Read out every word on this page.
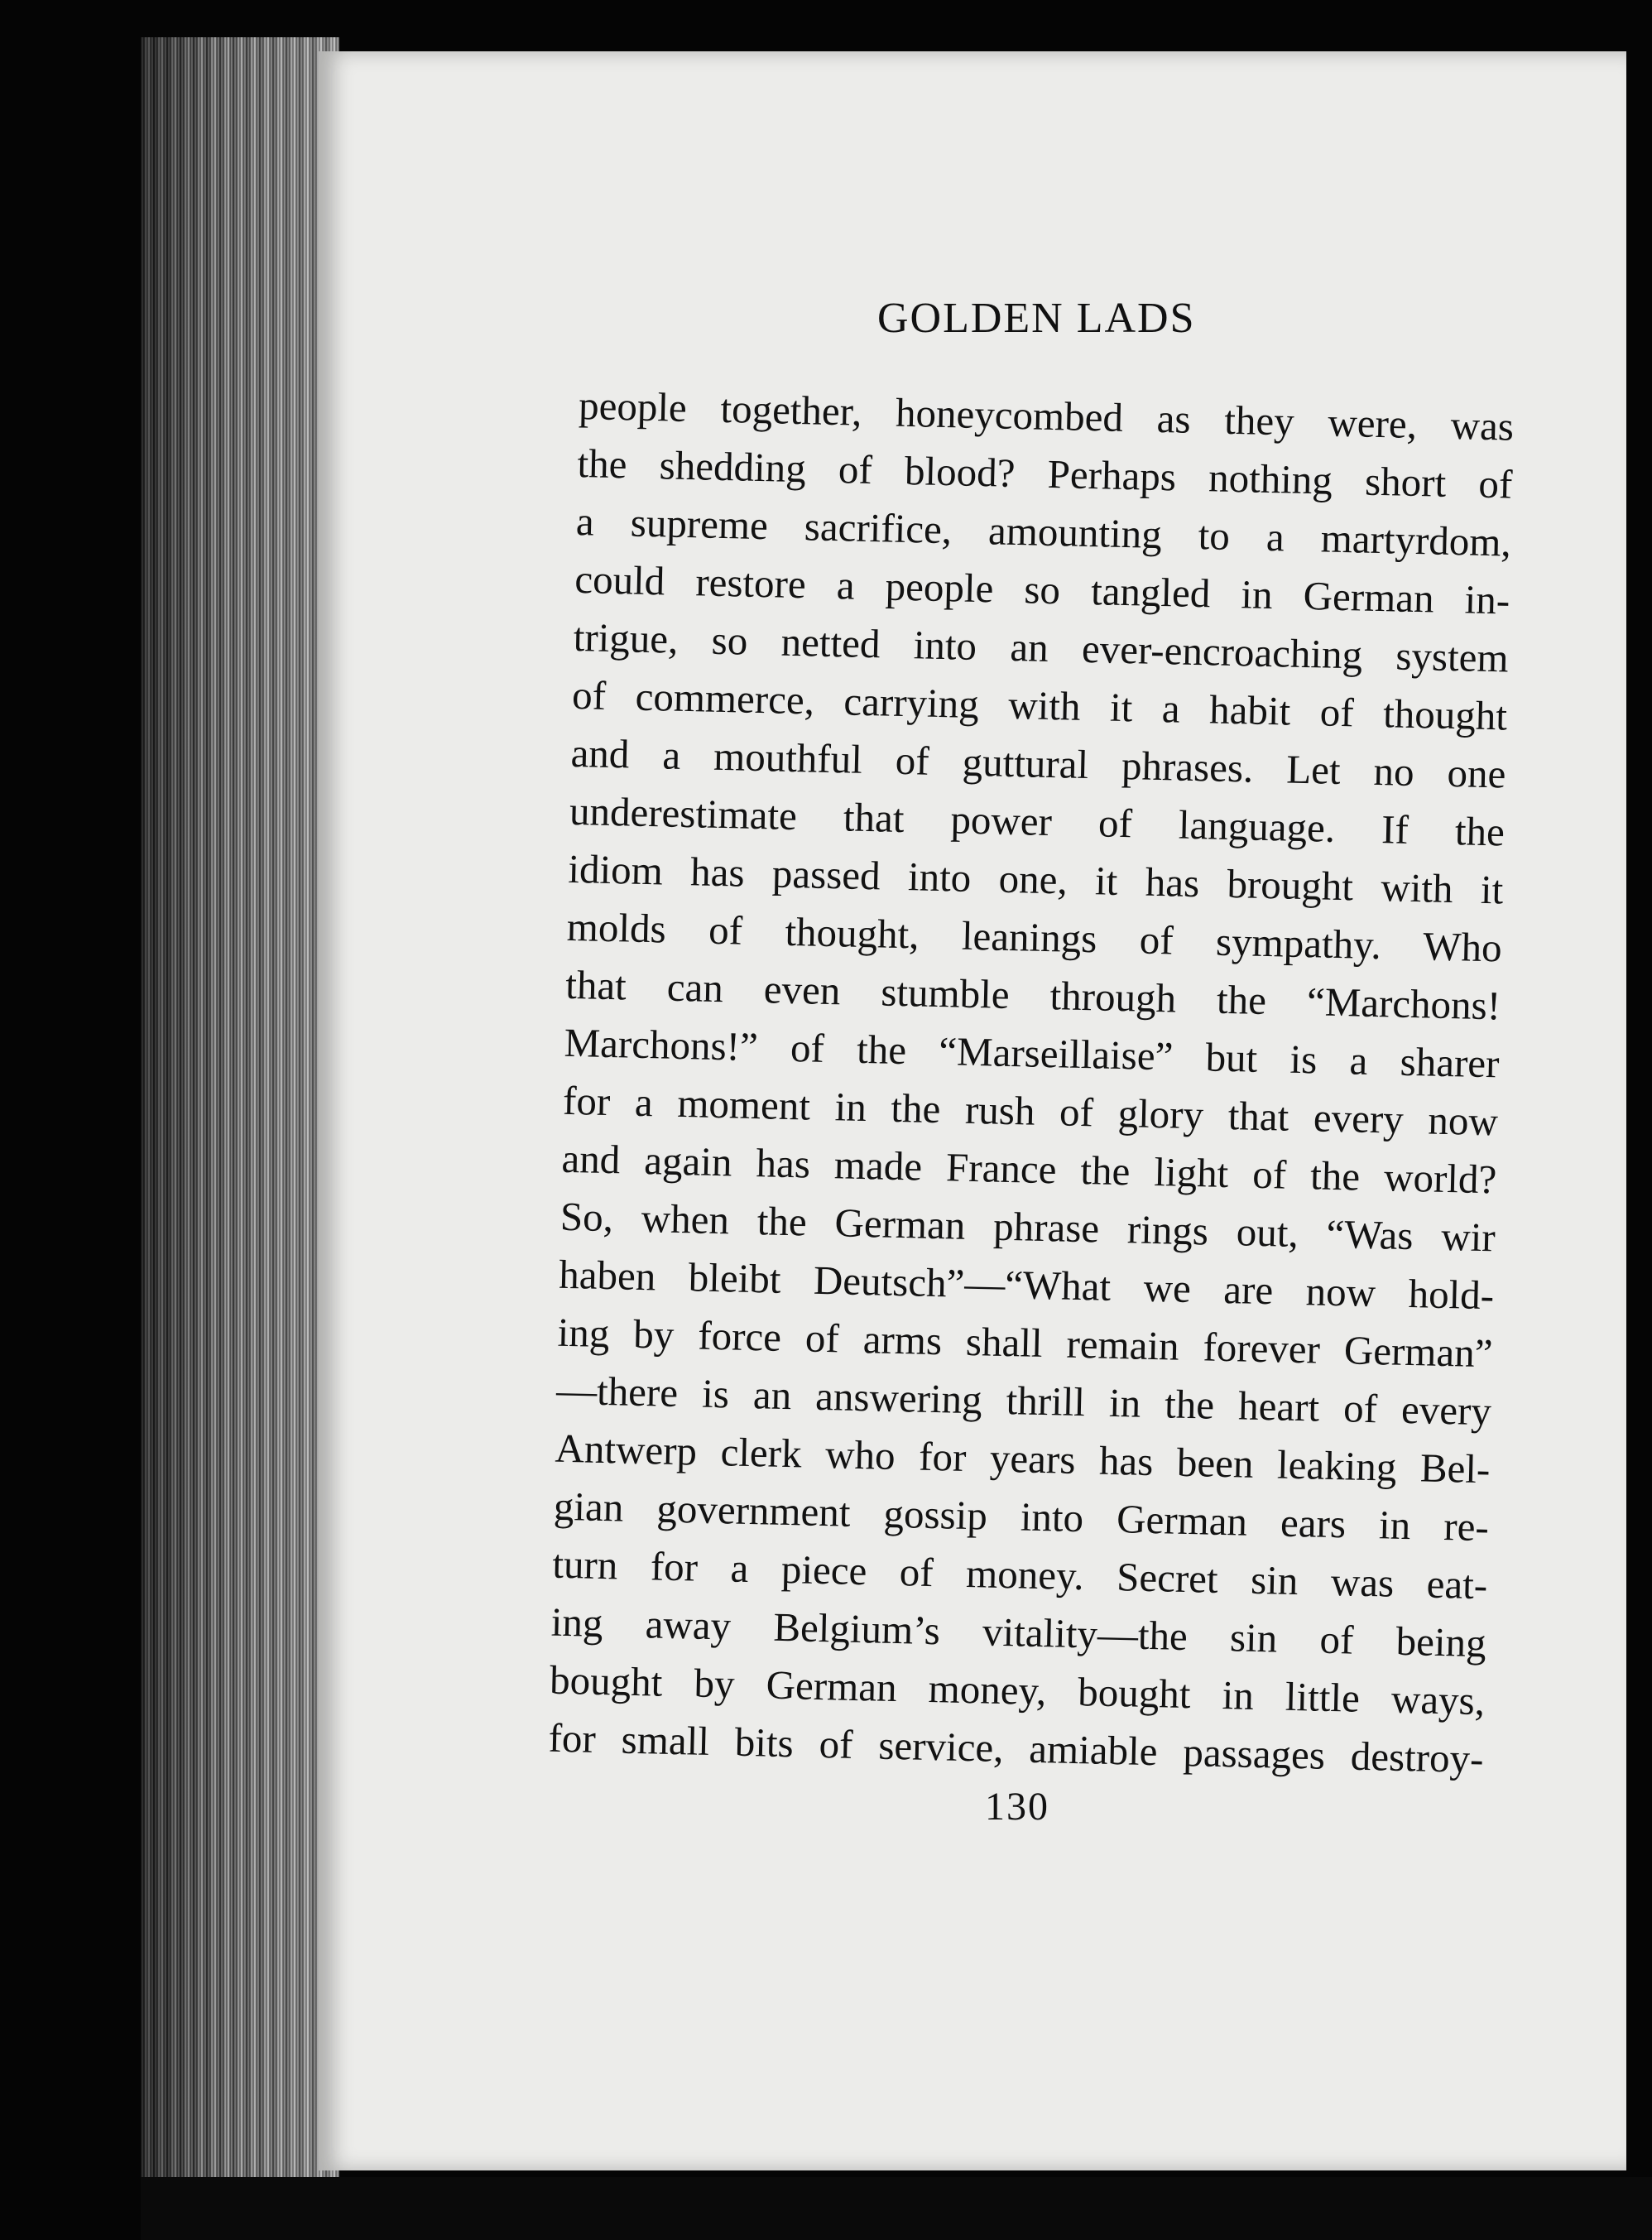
GOLDEN LADS
people together, honeycombed as they were, was
the shedding of blood? Perhaps nothing short of
a supreme sacrifice, amounting to a martyrdom,
could restore a people so tangled in German in-
trigue, so netted into an ever-encroaching system
of commerce, carrying with it a habit of thought
and a mouthful of guttural phrases. Let no one
underestimate that power of language. If the
idiom has passed into one, it has brought with it
molds of thought, leanings of sympathy. Who
that can even stumble through the “Marchons!
Marchons!” of the “Marseillaise” but is a sharer
for a moment in the rush of glory that every now
and again has made France the light of the world?
So, when the German phrase rings out, “Was wir
haben bleibt Deutsch”—“What we are now hold-
ing by force of arms shall remain forever German”
—there is an answering thrill in the heart of every
Antwerp clerk who for years has been leaking Bel-
gian government gossip into German ears in re-
turn for a piece of money. Secret sin was eat-
ing away Belgium’s vitality—the sin of being
bought by German money, bought in little ways,
for small bits of service, amiable passages destroy-
130
